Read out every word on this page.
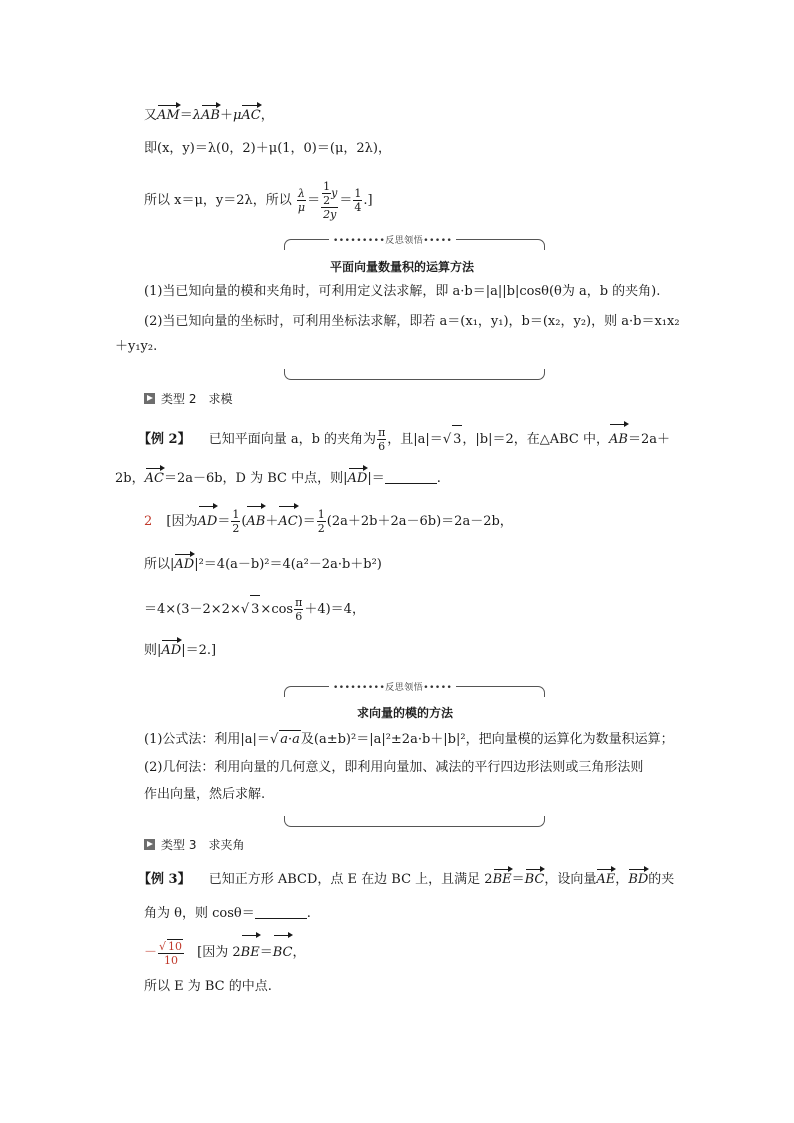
又AM＝λAB＋μAC，
即(x，y)＝λ(0，2)＋μ(1，0)＝(μ，2λ)，
所以 x＝μ，y＝2λ，所以 $\frac{\lambda}{\mu} = \frac{\frac{1}{2} y}{2y} = \frac{1}{4}$ .]
•••••••••反思领悟•••••
平面向量数量积的运算方法
(1)当已知向量的模和夹角时，可利用定义法求解，即 a·b＝|a||b|cosθ(θ为 a，b 的夹角).
(2)当已知向量的坐标时，可利用坐标法求解，即若 a＝(x₁，y₁)，b＝(x₂，y₂)，则 a·b＝x₁x₂
＋y₁y₂.
类型 2　求模
【例 2】 已知平面向量 a，b 的夹角为 $\frac{\pi}{6}$ ，且|a|＝√ 3，|b|＝2，在△ABC 中，AB＝2a＋
2b，AC＝2a－6b，D 为 BC 中点，则|AD|＝	.
2 [因为$AD= \frac{1}{2} (AB+AC)= \frac{1}{2} (2a+2b+2a-6b)=2a-2b$，
所以|AD|²＝4(a－b)²＝4(a²－2a·b＋b²)
＝4×(3－2×2×√ $3\times\cos \frac{\pi}{6} +4)=4$，
则|AD|＝2.]
•••••••••反思领悟•••••
求向量的模的方法
(1)公式法：利用|a|＝√ a·a及(a±b)²＝|a|²±2a·b＋|b|²，把向量模的运算化为数量积运算；
(2)几何法：利用向量的几何意义，即利用向量加、减法的平行四边形法则或三角形法则
作出向量，然后求解.
类型 3　求夹角
【例 3】 已知正方形 ABCD，点 E 在边 BC 上，且满足 2BE＝BC，设向量AE，BD的夹
角为 θ，则 cosθ＝	.
－ $\frac{√ 10}{10}$ [因为 2BE＝BC，
所以 E 为 BC 的中点.
